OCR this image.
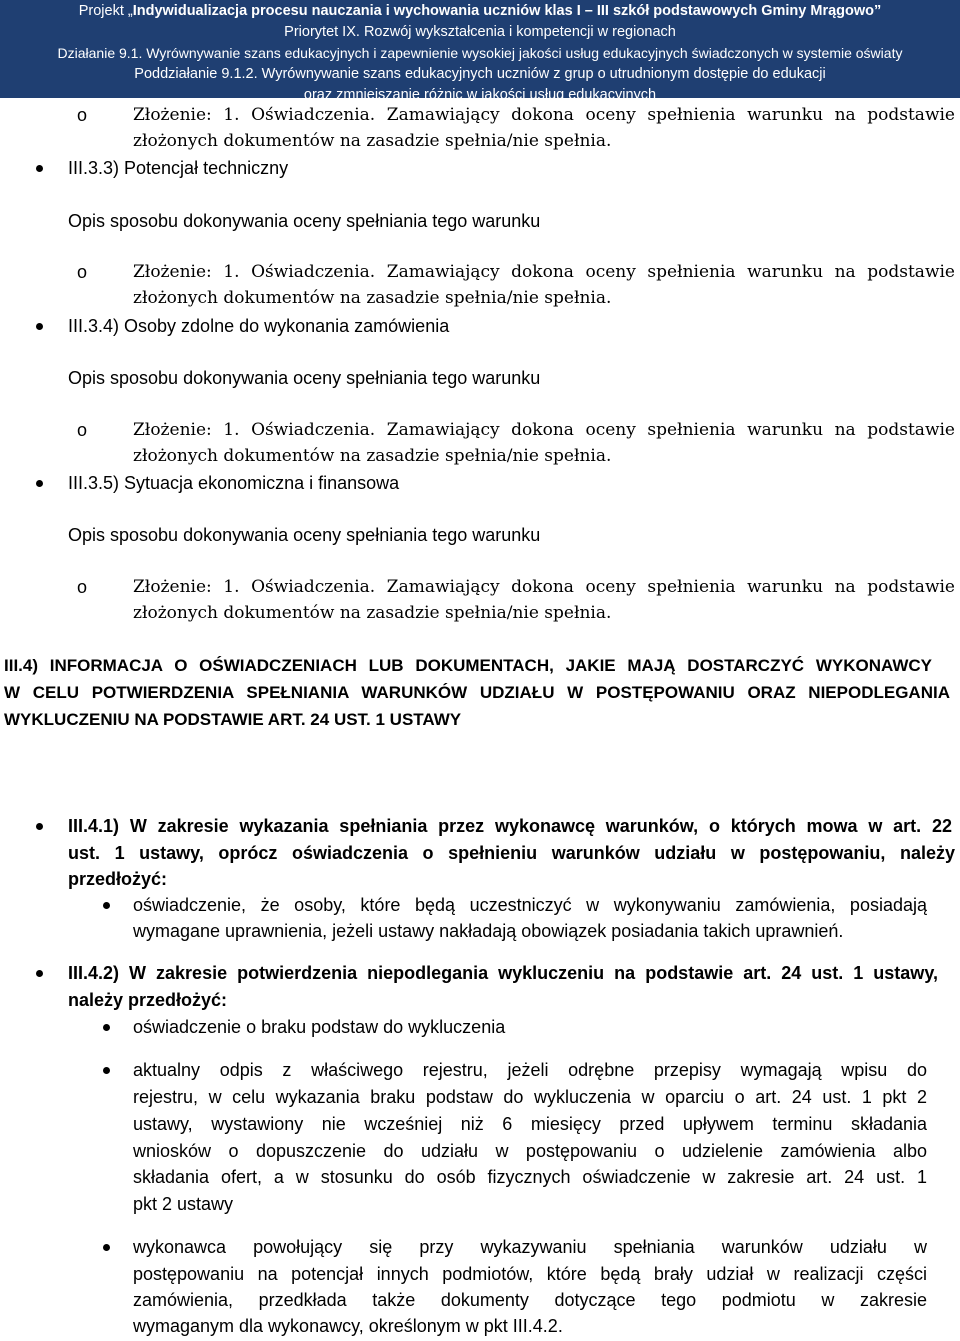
Projekt „Indywidualizacja procesu nauczania i wychowania uczniów klas I – III szkół podstawowych Gminy Mrągowo”
Priorytet IX. Rozwój wykształcenia i kompetencji w regionach
Działanie 9.1. Wyrównywanie szans edukacyjnych i zapewnienie wysokiej jakości usług edukacyjnych świadczonych w systemie oświaty
Poddziałanie 9.1.2. Wyrównywanie szans edukacyjnych uczniów z grup o utrudnionym dostępie do edukacji
oraz zmniejszanie różnic w jakości usług edukacyjnych
o	Złożenie: 1. Oświadczenia. Zamawiający dokona oceny spełnienia warunku na podstawie
złożonych dokumentów na zasadzie spełnia/nie spełnia.
III.3.3) Potencjał techniczny
Opis sposobu dokonywania oceny spełniania tego warunku
o	Złożenie: 1. Oświadczenia. Zamawiający dokona oceny spełnienia warunku na podstawie
złożonych dokumentów na zasadzie spełnia/nie spełnia.
III.3.4) Osoby zdolne do wykonania zamówienia
Opis sposobu dokonywania oceny spełniania tego warunku
o	Złożenie: 1. Oświadczenia. Zamawiający dokona oceny spełnienia warunku na podstawie
złożonych dokumentów na zasadzie spełnia/nie spełnia.
III.3.5) Sytuacja ekonomiczna i finansowa
Opis sposobu dokonywania oceny spełniania tego warunku
o	Złożenie: 1. Oświadczenia. Zamawiający dokona oceny spełnienia warunku na podstawie
złożonych dokumentów na zasadzie spełnia/nie spełnia.
III.4) INFORMACJA O OŚWIADCZENIACH LUB DOKUMENTACH, JAKIE MAJĄ DOSTARCZYĆ WYKONAWCY
W CELU POTWIERDZENIA SPEŁNIANIA WARUNKÓW UDZIAŁU W POSTĘPOWANIU ORAZ NIEPODLEGANIA
WYKLUCZENIU NA PODSTAWIE ART. 24 UST. 1 USTAWY
III.4.1) W zakresie wykazania spełniania przez wykonawcę warunków, o których mowa w art. 22
ust. 1 ustawy, oprócz oświadczenia o spełnieniu warunków udziału w postępowaniu, należy
przedłożyć:
oświadczenie, że osoby, które będą uczestniczyć w wykonywaniu zamówienia, posiadają
wymagane uprawnienia, jeżeli ustawy nakładają obowiązek posiadania takich uprawnień.
III.4.2) W zakresie potwierdzenia niepodlegania wykluczeniu na podstawie art. 24 ust. 1 ustawy,
należy przedłożyć:
oświadczenie o braku podstaw do wykluczenia
aktualny odpis z właściwego rejestru, jeżeli odrębne przepisy wymagają wpisu do
rejestru, w celu wykazania braku podstaw do wykluczenia w oparciu o art. 24 ust. 1 pkt 2
ustawy, wystawiony nie wcześniej niż 6 miesięcy przed upływem terminu składania
wniosków o dopuszczenie do udziału w postępowaniu o udzielenie zamówienia albo
składania ofert, a w stosunku do osób fizycznych oświadczenie w zakresie art. 24 ust. 1
pkt 2 ustawy
wykonawca powołujący się przy wykazywaniu spełniania warunków udziału w
postępowaniu na potencjał innych podmiotów, które będą brały udział w realizacji części
zamówienia, przedkłada także dokumenty dotyczące tego podmiotu w zakresie
wymaganym dla wykonawcy, określonym w pkt III.4.2.
